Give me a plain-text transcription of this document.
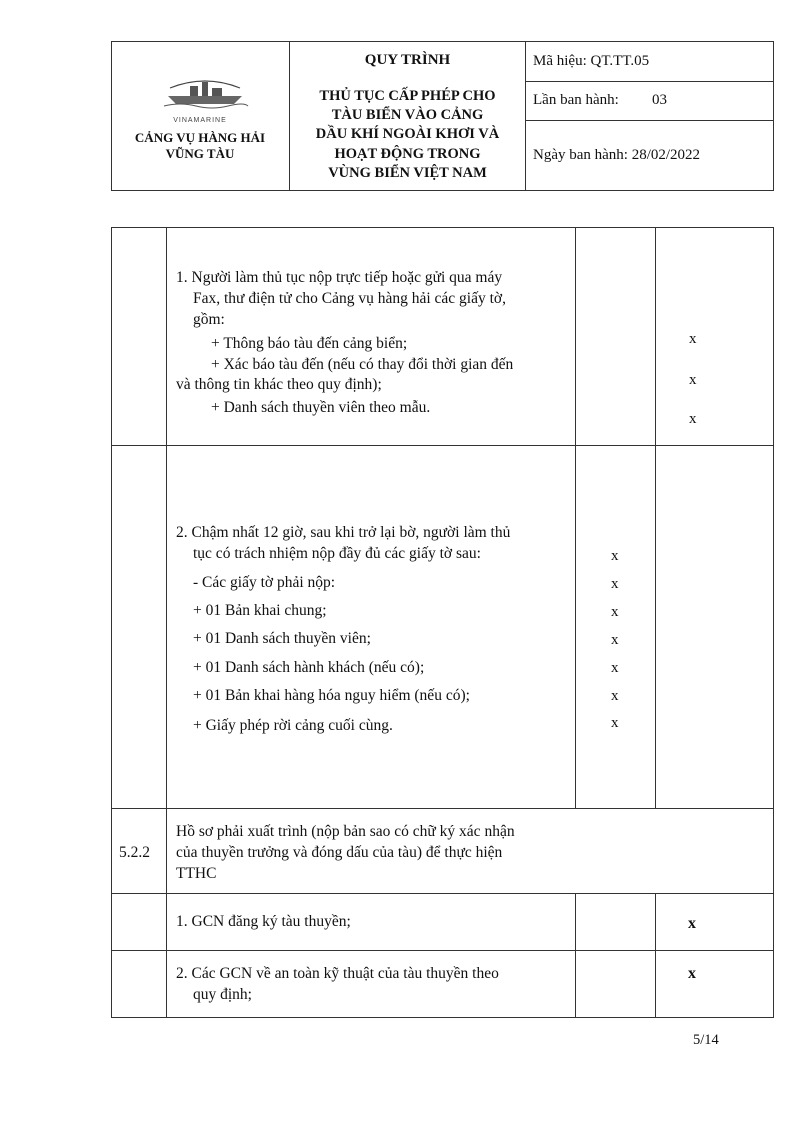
VINAMARINE
CẢNG VỤ HÀNG HẢI
VŨNG TÀU
QUY TRÌNH
THỦ TỤC CẤP PHÉP CHO
TÀU BIỂN VÀO CẢNG
DẦU KHÍ NGOÀI KHƠI VÀ
HOẠT ĐỘNG TRONG
VÙNG BIỂN VIỆT NAM
Mã hiệu: QT.TT.05
Lần ban hành: 03
Ngày ban hành: 28/02/2022
1. Người làm thủ tục nộp trực tiếp hoặc gửi qua máy
Fax, thư điện tử cho Cảng vụ hàng hải các giấy tờ,
gồm:
+ Thông báo tàu đến cảng biển;
+ Xác báo tàu đến (nếu có thay đổi thời gian đến
và thông tin khác theo quy định);
+ Danh sách thuyền viên theo mẫu.
x
x
x
2. Chậm nhất 12 giờ, sau khi trở lại bờ, người làm thủ
tục có trách nhiệm nộp đầy đủ các giấy tờ sau:
- Các giấy tờ phải nộp:
+ 01 Bản khai chung;
+ 01 Danh sách thuyền viên;
+ 01 Danh sách hành khách (nếu có);
+ 01 Bản khai hàng hóa nguy hiểm (nếu có);
+ Giấy phép rời cảng cuối cùng.
x
x
x
x
x
x
x
5.2.2
Hồ sơ phải xuất trình (nộp bản sao có chữ ký xác nhận
của thuyền trưởng và đóng dấu của tàu) để thực hiện
TTHC
1. GCN đăng ký tàu thuyền;	x
2. Các GCN về an toàn kỹ thuật của tàu thuyền theo
quy định;
x
5/14
